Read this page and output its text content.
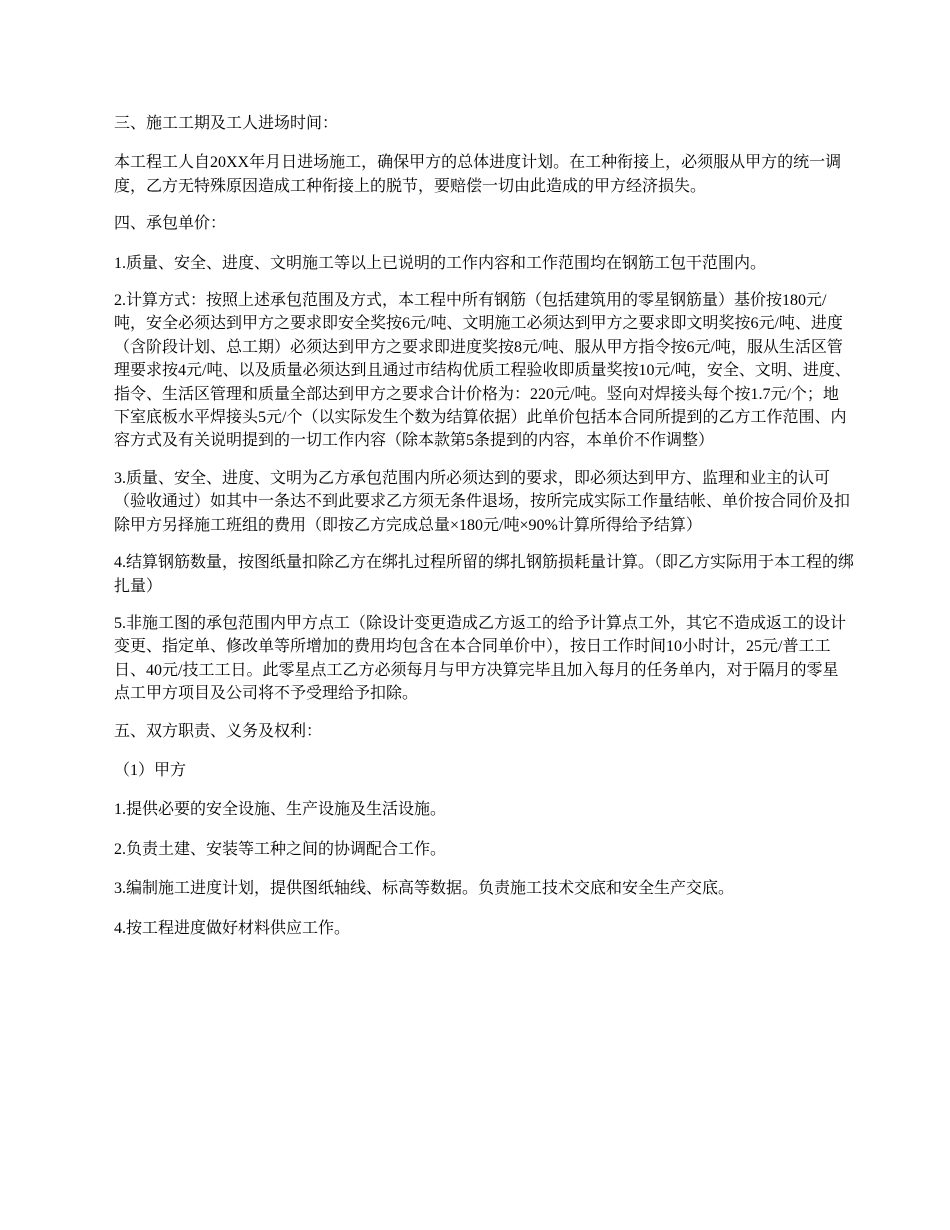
三、施工工期及工人进场时间：

本工程工人自20XX年月日进场施工，确保甲方的总体进度计划。在工种衔接上，必须服从甲方的统一调度，乙方无特殊原因造成工种衔接上的脱节，要赔偿一切由此造成的甲方经济损失。

四、承包单价：

1.质量、安全、进度、文明施工等以上已说明的工作内容和工作范围均在钢筋工包干范围内。

2.计算方式：按照上述承包范围及方式，本工程中所有钢筋（包括建筑用的零星钢筋量）基价按180元/吨，安全必须达到甲方之要求即安全奖按6元/吨、文明施工必须达到甲方之要求即文明奖按6元/吨、进度（含阶段计划、总工期）必须达到甲方之要求即进度奖按8元/吨、服从甲方指令按6元/吨，服从生活区管理要求按4元/吨、以及质量必须达到且通过市结构优质工程验收即质量奖按10元/吨，安全、文明、进度、指令、生活区管理和质量全部达到甲方之要求合计价格为：220元/吨。竖向对焊接头每个按1.7元/个；地下室底板水平焊接头5元/个（以实际发生个数为结算依据）此单价包括本合同所提到的乙方工作范围、内容方式及有关说明提到的一切工作内容（除本款第5条提到的内容，本单价不作调整）

3.质量、安全、进度、文明为乙方承包范围内所必须达到的要求，即必须达到甲方、监理和业主的认可（验收通过）如其中一条达不到此要求乙方须无条件退场，按所完成实际工作量结帐、单价按合同价及扣除甲方另择施工班组的费用（即按乙方完成总量×180元/吨×90%计算所得给予结算）

4.结算钢筋数量，按图纸量扣除乙方在绑扎过程所留的绑扎钢筋损耗量计算。（即乙方实际用于本工程的绑扎量）

5.非施工图的承包范围内甲方点工（除设计变更造成乙方返工的给予计算点工外，其它不造成返工的设计变更、指定单、修改单等所增加的费用均包含在本合同单价中），按日工作时间10小时计，25元/普工工日、40元/技工工日。此零星点工乙方必须每月与甲方决算完毕且加入每月的任务单内，对于隔月的零星点工甲方项目及公司将不予受理给予扣除。

五、双方职责、义务及权利：

（1）甲方

1.提供必要的安全设施、生产设施及生活设施。

2.负责土建、安装等工种之间的协调配合工作。

3.编制施工进度计划，提供图纸轴线、标高等数据。负责施工技术交底和安全生产交底。

4.按工程进度做好材料供应工作。
